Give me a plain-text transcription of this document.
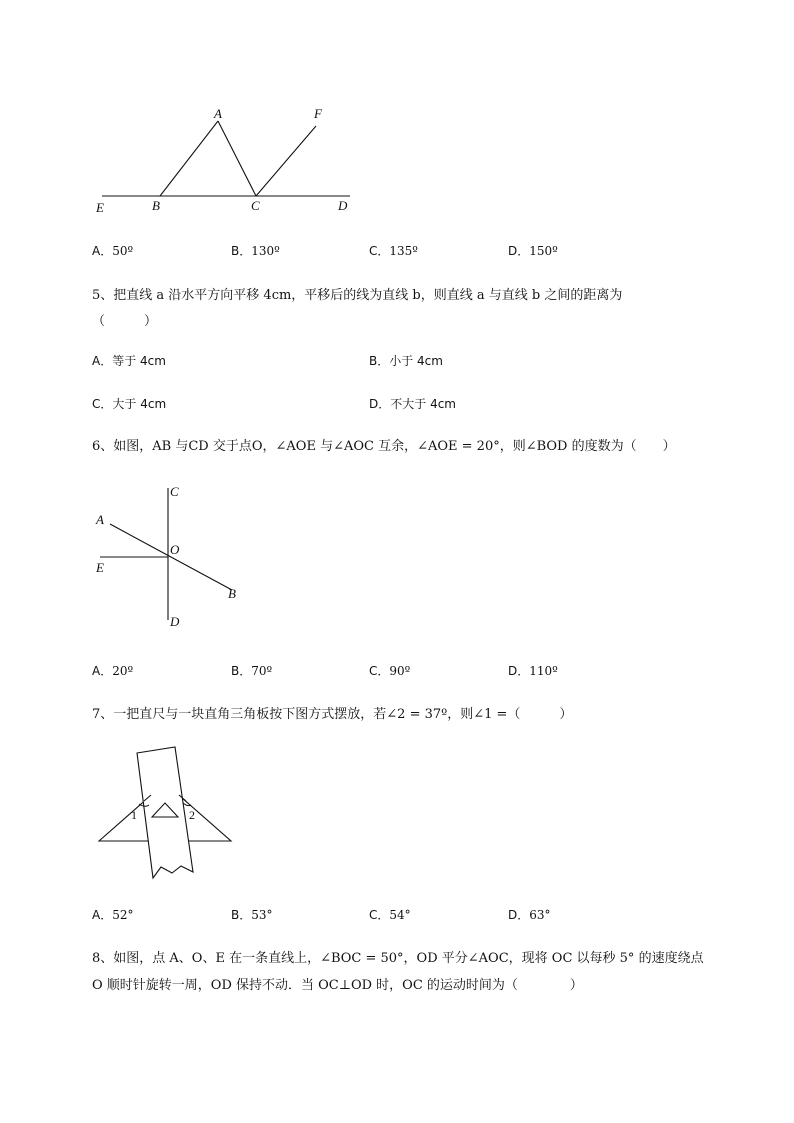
A	F
E	B	C	D
A．50º	B．130º	C．135º	D．150º
5、把直线 a 沿水平方向平移 4cm，平移后的线为直线 b，则直线 a 与直线 b 之间的距离为
（　　　）
A．等于 4cm	B．小于 4cm
C．大于 4cm	D．不大于 4cm
6、如图，AB 与CD 交于点O，∠AOE 与∠AOC 互余，∠AOE = 20°，则∠BOD 的度数为（　　）
C
A
O
E
B
D
A．20º	B．70º	C．90º	D．110º
7、一把直尺与一块直角三角板按下图方式摆放，若∠2 = 37º，则∠1 =（　　　）
1	2
A．52°	B．53°	C．54°	D．63°
8、如图，点 A、O、E 在一条直线上，∠BOC = 50°，OD 平分∠AOC，现将 OC 以每秒 5° 的速度绕点
O 顺时针旋转一周，OD 保持不动．当 OC⊥OD 时，OC 的运动时间为（　　　　）
